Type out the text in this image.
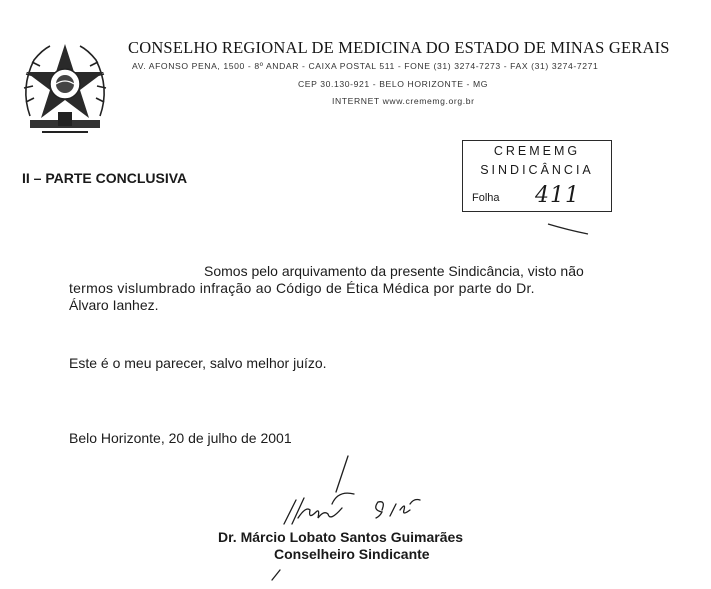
CONSELHO REGIONAL DE MEDICINA DO ESTADO DE MINAS GERAIS
AV. AFONSO PENA, 1500 - 8º ANDAR - CAIXA POSTAL 511 - FONE (31) 3274-7273 - FAX (31) 3274-7271
CEP 30.130-921 - BELO HORIZONTE - MG
INTERNET www.crememg.org.br
II – PARTE CONCLUSIVA
CREMEMG
SINDICÂNCIA
Folha 411
Somos pelo arquivamento da presente Sindicância, visto não
termos vislumbrado infração ao Código de Ética Médica por parte do Dr.
Álvaro Ianhez.
Este é o meu parecer, salvo melhor juízo.
Belo Horizonte, 20 de julho de 2001
Dr. Márcio Lobato Santos Guimarães
Conselheiro Sindicante
